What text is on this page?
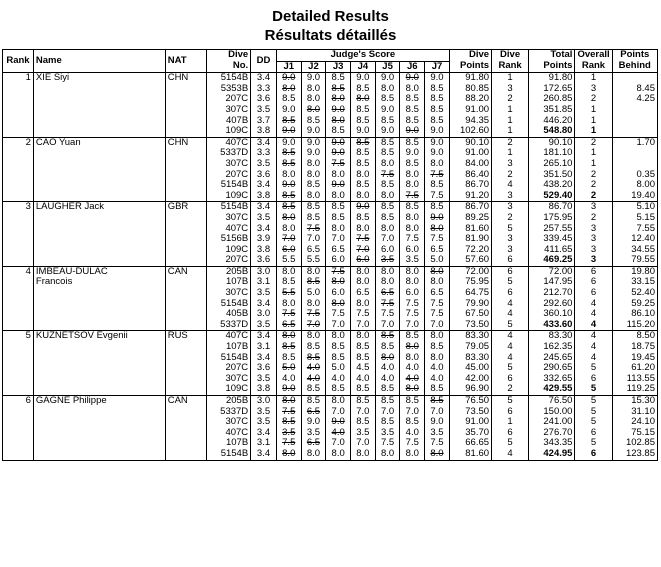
Detailed Results
Résultats détaillés
Rank	Name	NAT	Dive	DD	Judge's Score							Dive	Dive	Total	Overall	Points
			No.		J1	J2	J3	J4	J5	J6	J7	Points	Rank	Points	Rank	Behind
1	XIE Siyi	CHN	5154B	3.4	9.0	9.0	8.5	9.0	9.0	9.0	9.0	91.80	1	91.80	1	
			5353B	3.3	8.0	8.0	8.5	8.5	8.0	8.0	8.5	80.85	3	172.65	3	8.45
			207C	3.6	8.5	8.0	8.0	8.0	8.5	8.5	8.5	88.20	2	260.85	2	4.25
			307C	3.5	9.0	8.0	9.0	8.5	9.0	8.5	8.5	91.00	1	351.85	1	
			407B	3.7	8.5	8.5	8.0	8.5	8.5	8.5	8.5	94.35	1	446.20	1	
			109C	3.8	9.0	9.0	8.5	9.0	9.0	9.0	9.0	102.60	1	548.80	1	
2	CAO Yuan	CHN	407C	3.4	9.0	9.0	9.0	8.5	8.5	8.5	9.0	90.10	2	90.10	2	1.70
			5337D	3.3	8.5	9.0	9.0	8.5	8.5	9.0	9.0	91.00	1	181.10	1	
			307C	3.5	8.5	8.0	7.5	8.5	8.0	8.5	8.0	84.00	3	265.10	1	
			207C	3.6	8.0	8.0	8.0	8.0	7.5	8.0	7.5	86.40	2	351.50	2	0.35
			5154B	3.4	9.0	8.5	9.0	8.5	8.5	8.0	8.5	86.70	4	438.20	2	8.00
			109C	3.8	8.5	8.0	8.0	8.0	8.0	7.5	7.5	91.20	3	529.40	2	19.40
3	LAUGHER Jack	GBR	5154B	3.4	8.5	8.5	8.5	9.0	8.5	8.5	8.5	86.70	3	86.70	3	5.10
			307C	3.5	8.0	8.5	8.5	8.5	8.5	8.0	9.0	89.25	2	175.95	2	5.15
			407C	3.4	8.0	7.5	8.0	8.0	8.0	8.0	8.0	81.60	5	257.55	3	7.55
			5156B	3.9	7.0	7.0	7.0	7.5	7.0	7.5	7.5	81.90	3	339.45	3	12.40
			109C	3.8	6.0	6.5	6.5	7.0	6.0	6.0	6.5	72.20	3	411.65	3	34.55
			207C	3.6	5.5	5.5	6.0	6.0	3.5	3.5	5.0	57.60	6	469.25	3	79.55
4	IMBEAU-DULAC	CAN	205B	3.0	8.0	8.0	7.5	8.0	8.0	8.0	8.0	72.00	6	72.00	6	19.80
	Francois		107B	3.1	8.5	8.5	8.0	8.0	8.0	8.0	8.0	75.95	5	147.95	6	33.15
			307C	3.5	5.5	5.0	6.0	6.5	6.5	6.0	6.5	64.75	6	212.70	6	52.40
			5154B	3.4	8.0	8.0	8.0	8.0	7.5	7.5	7.5	79.90	4	292.60	4	59.25
			405B	3.0	7.5	7.5	7.5	7.5	7.5	7.5	7.5	67.50	4	360.10	4	86.10
			5337D	3.5	6.5	7.0	7.0	7.0	7.0	7.0	7.0	73.50	5	433.60	4	115.20
5	KUZNETSOV Evgenii	RUS	407C	3.4	8.0	8.0	8.0	8.0	8.5	8.5	8.0	83.30	4	83.30	4	8.50
			107B	3.1	8.5	8.5	8.5	8.5	8.5	8.0	8.5	79.05	4	162.35	4	18.75
			5154B	3.4	8.5	8.5	8.5	8.5	8.0	8.0	8.0	83.30	4	245.65	4	19.45
			207C	3.6	5.0	4.0	5.0	4.5	4.0	4.0	4.0	45.00	5	290.65	5	61.20
			307C	3.5	4.0	4.0	4.0	4.0	4.0	4.0	4.0	42.00	6	332.65	6	113.55
			109C	3.8	9.0	8.5	8.5	8.5	8.5	8.0	8.5	96.90	2	429.55	5	119.25
6	GAGNE Philippe	CAN	205B	3.0	8.0	8.5	8.0	8.5	8.5	8.5	8.5	76.50	5	76.50	5	15.30
			5337D	3.5	7.5	6.5	7.0	7.0	7.0	7.0	7.0	73.50	6	150.00	5	31.10
			307C	3.5	8.5	9.0	9.0	8.5	8.5	8.5	9.0	91.00	1	241.00	5	24.10
			407C	3.4	3.5	3.5	4.0	3.5	3.5	4.0	3.5	35.70	6	276.70	6	75.15
			107B	3.1	7.5	6.5	7.0	7.0	7.5	7.5	7.5	66.65	5	343.35	5	102.85
			5154B	3.4	8.0	8.0	8.0	8.0	8.0	8.0	8.0	81.60	4	424.95	6	123.85
